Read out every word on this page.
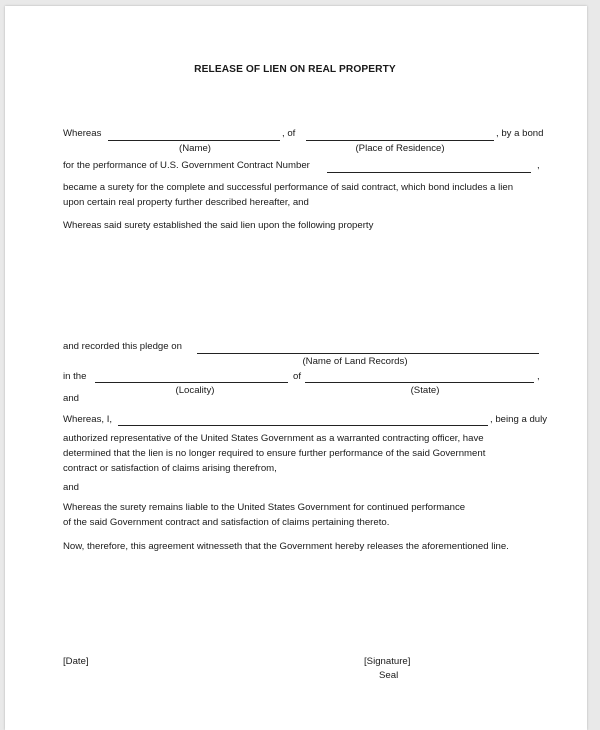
RELEASE OF LIEN ON REAL PROPERTY
Whereas	, of	, by a bond
(Name)	(Place of Residence)
for the performance of U.S. Government Contract Number	,
became a surety for the complete and successful performance of said contract, which bond includes a lien
upon certain real property further described hereafter, and
Whereas said surety established the said lien upon the following property
and recorded this pledge on
(Name of Land Records)
in the	of	,
(Locality)	(State)
and
Whereas, I,	, being a duly
authorized representative of the United States Government as a warranted contracting officer, have
determined that the lien is no longer required to ensure further performance of the said Government
contract or satisfaction of claims arising therefrom,
and
Whereas the surety remains liable to the United States Government for continued performance
of the said Government contract and satisfaction of claims pertaining thereto.
Now, therefore, this agreement witnesseth that the Government hereby releases the aforementioned line.
[Date]	[Signature]
Seal
